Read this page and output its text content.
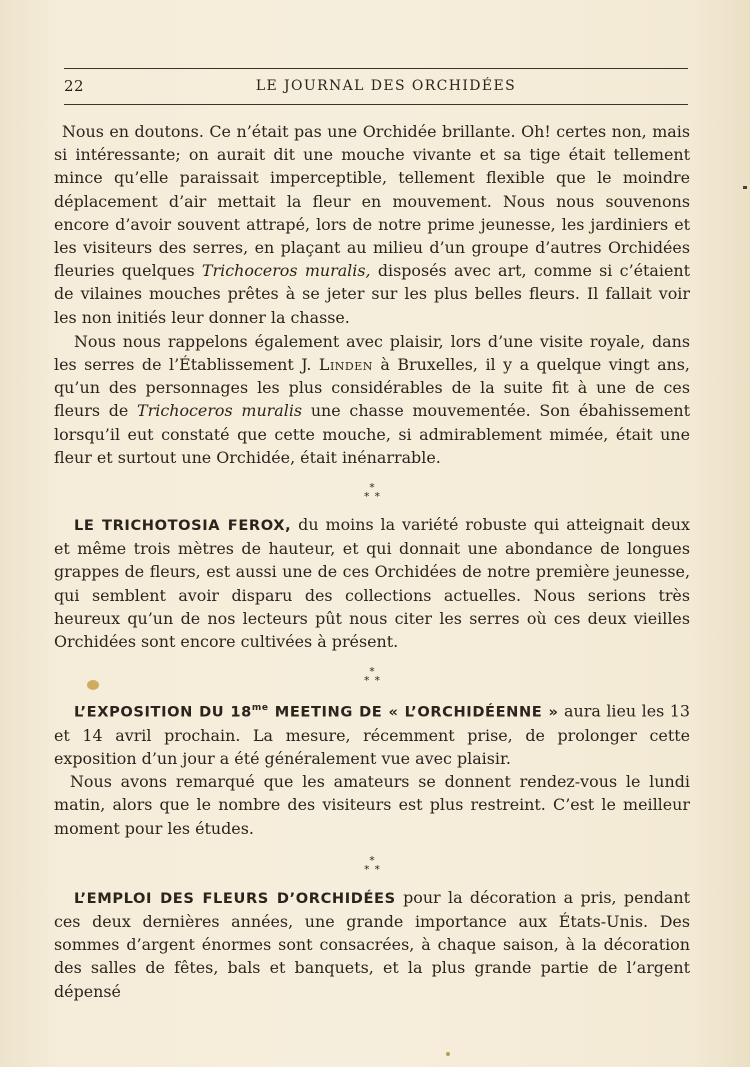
22	LE JOURNAL DES ORCHIDÉES

Nous en doutons. Ce n’était pas une Orchidée brillante. Oh! certes non, mais si intéressante; on aurait dit une mouche vivante et sa tige était tellement mince qu’elle paraissait imperceptible, tellement flexible que le moindre déplacement d’air mettait la fleur en mouvement. Nous nous souvenons encore d’avoir souvent attrapé, lors de notre prime jeunesse, les jardiniers et les visiteurs des serres, en plaçant au milieu d’un groupe d’autres Orchidées fleuries quelques Trichoceros muralis, disposés avec art, comme si c’étaient de vilaines mouches prêtes à se jeter sur les plus belles fleurs. Il fallait voir les non initiés leur donner la chasse.

Nous nous rappelons également avec plaisir, lors d’une visite royale, dans les serres de l’Établissement J. Linden à Bruxelles, il y a quelque vingt ans, qu’un des personnages les plus considérables de la suite fit à une de ces fleurs de Trichoceros muralis une chasse mouvementée. Son ébahissement lorsqu’il eut constaté que cette mouche, si admirablement mimée, était une fleur et surtout une Orchidée, était inénarrable.

*
* *

LE TRICHOTOSIA FEROX, du moins la variété robuste qui atteignait deux et même trois mètres de hauteur, et qui donnait une abondance de longues grappes de fleurs, est aussi une de ces Orchidées de notre première jeunesse, qui semblent avoir disparu des collections actuelles. Nous serions très heureux qu’un de nos lecteurs pût nous citer les serres où ces deux vieilles Orchidées sont encore cultivées à présent.

*
* *

L’EXPOSITION DU $18^{me}$ MEETING DE « L’ORCHIDÉENNE » aura lieu les 13 et 14 avril prochain. La mesure, récemment prise, de prolonger cette exposition d’un jour a été généralement vue avec plaisir.

Nous avons remarqué que les amateurs se donnent rendez-vous le lundi matin, alors que le nombre des visiteurs est plus restreint. C’est le meilleur moment pour les études.

*
* *

L’EMPLOI DES FLEURS D’ORCHIDÉES pour la décoration a pris, pendant ces deux dernières années, une grande importance aux États-Unis. Des sommes d’argent énormes sont consacrées, à chaque saison, à la décoration des salles de fêtes, bals et banquets, et la plus grande partie de l’argent dépensé
